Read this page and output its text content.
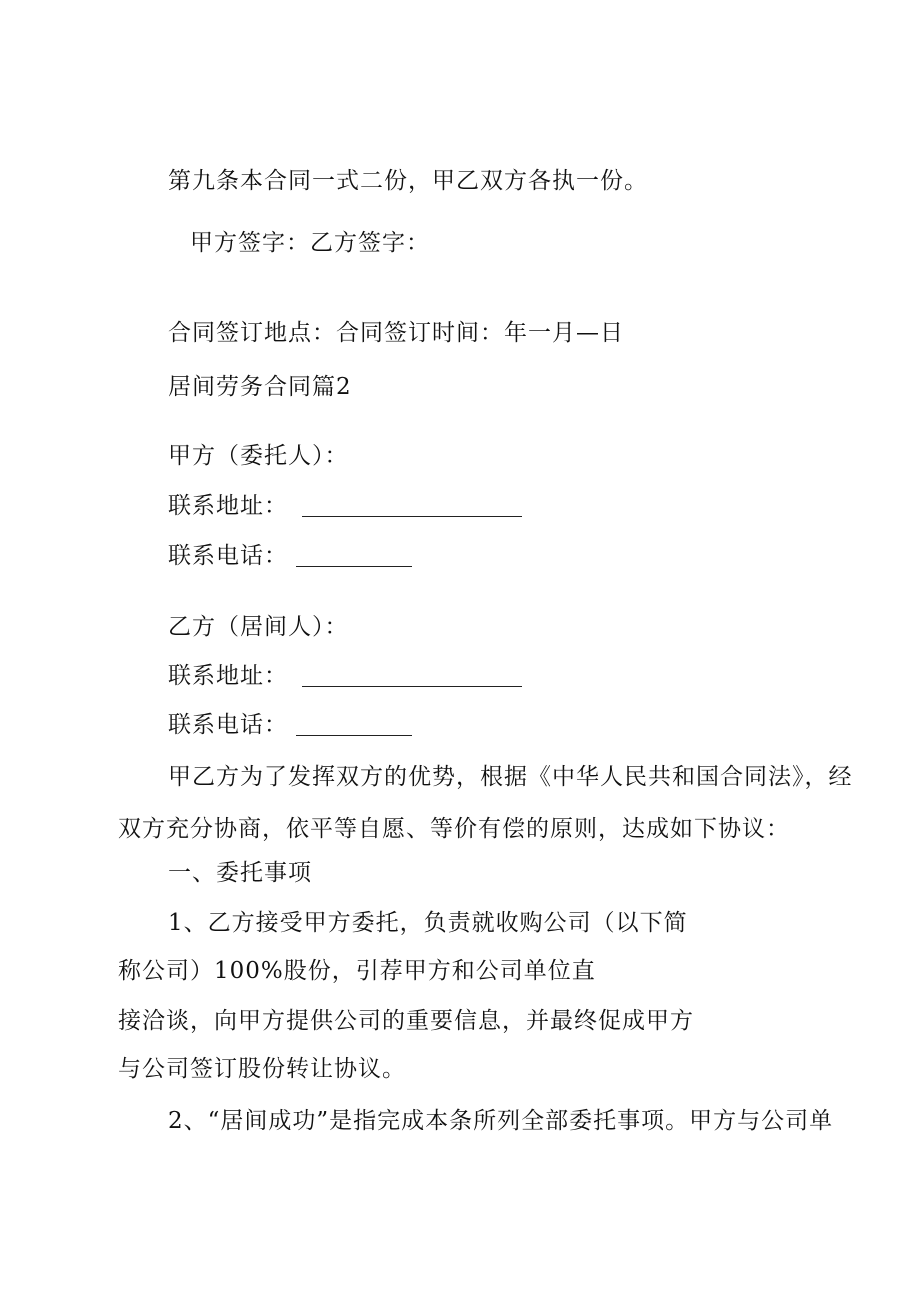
第九条本合同一式二份，甲乙双方各执一份。
甲方签字：乙方签字：
合同签订地点：合同签订时间：年一月—日
居间劳务合同篇2
甲方（委托人）：
联系地址：
联系电话：
乙方（居间人）：
联系地址：
联系电话：
甲乙方为了发挥双方的优势，根据《中华人民共和国合同法》，经
双方充分协商，依平等自愿、等价有偿的原则，达成如下协议：
一、委托事项
1、乙方接受甲方委托，负责就收购公司（以下简
称公司）100%股份，引荐甲方和公司单位直
接洽谈，向甲方提供公司的重要信息，并最终促成甲方
与公司签订股份转让协议。
2、“居间成功”是指完成本条所列全部委托事项。甲方与公司单
